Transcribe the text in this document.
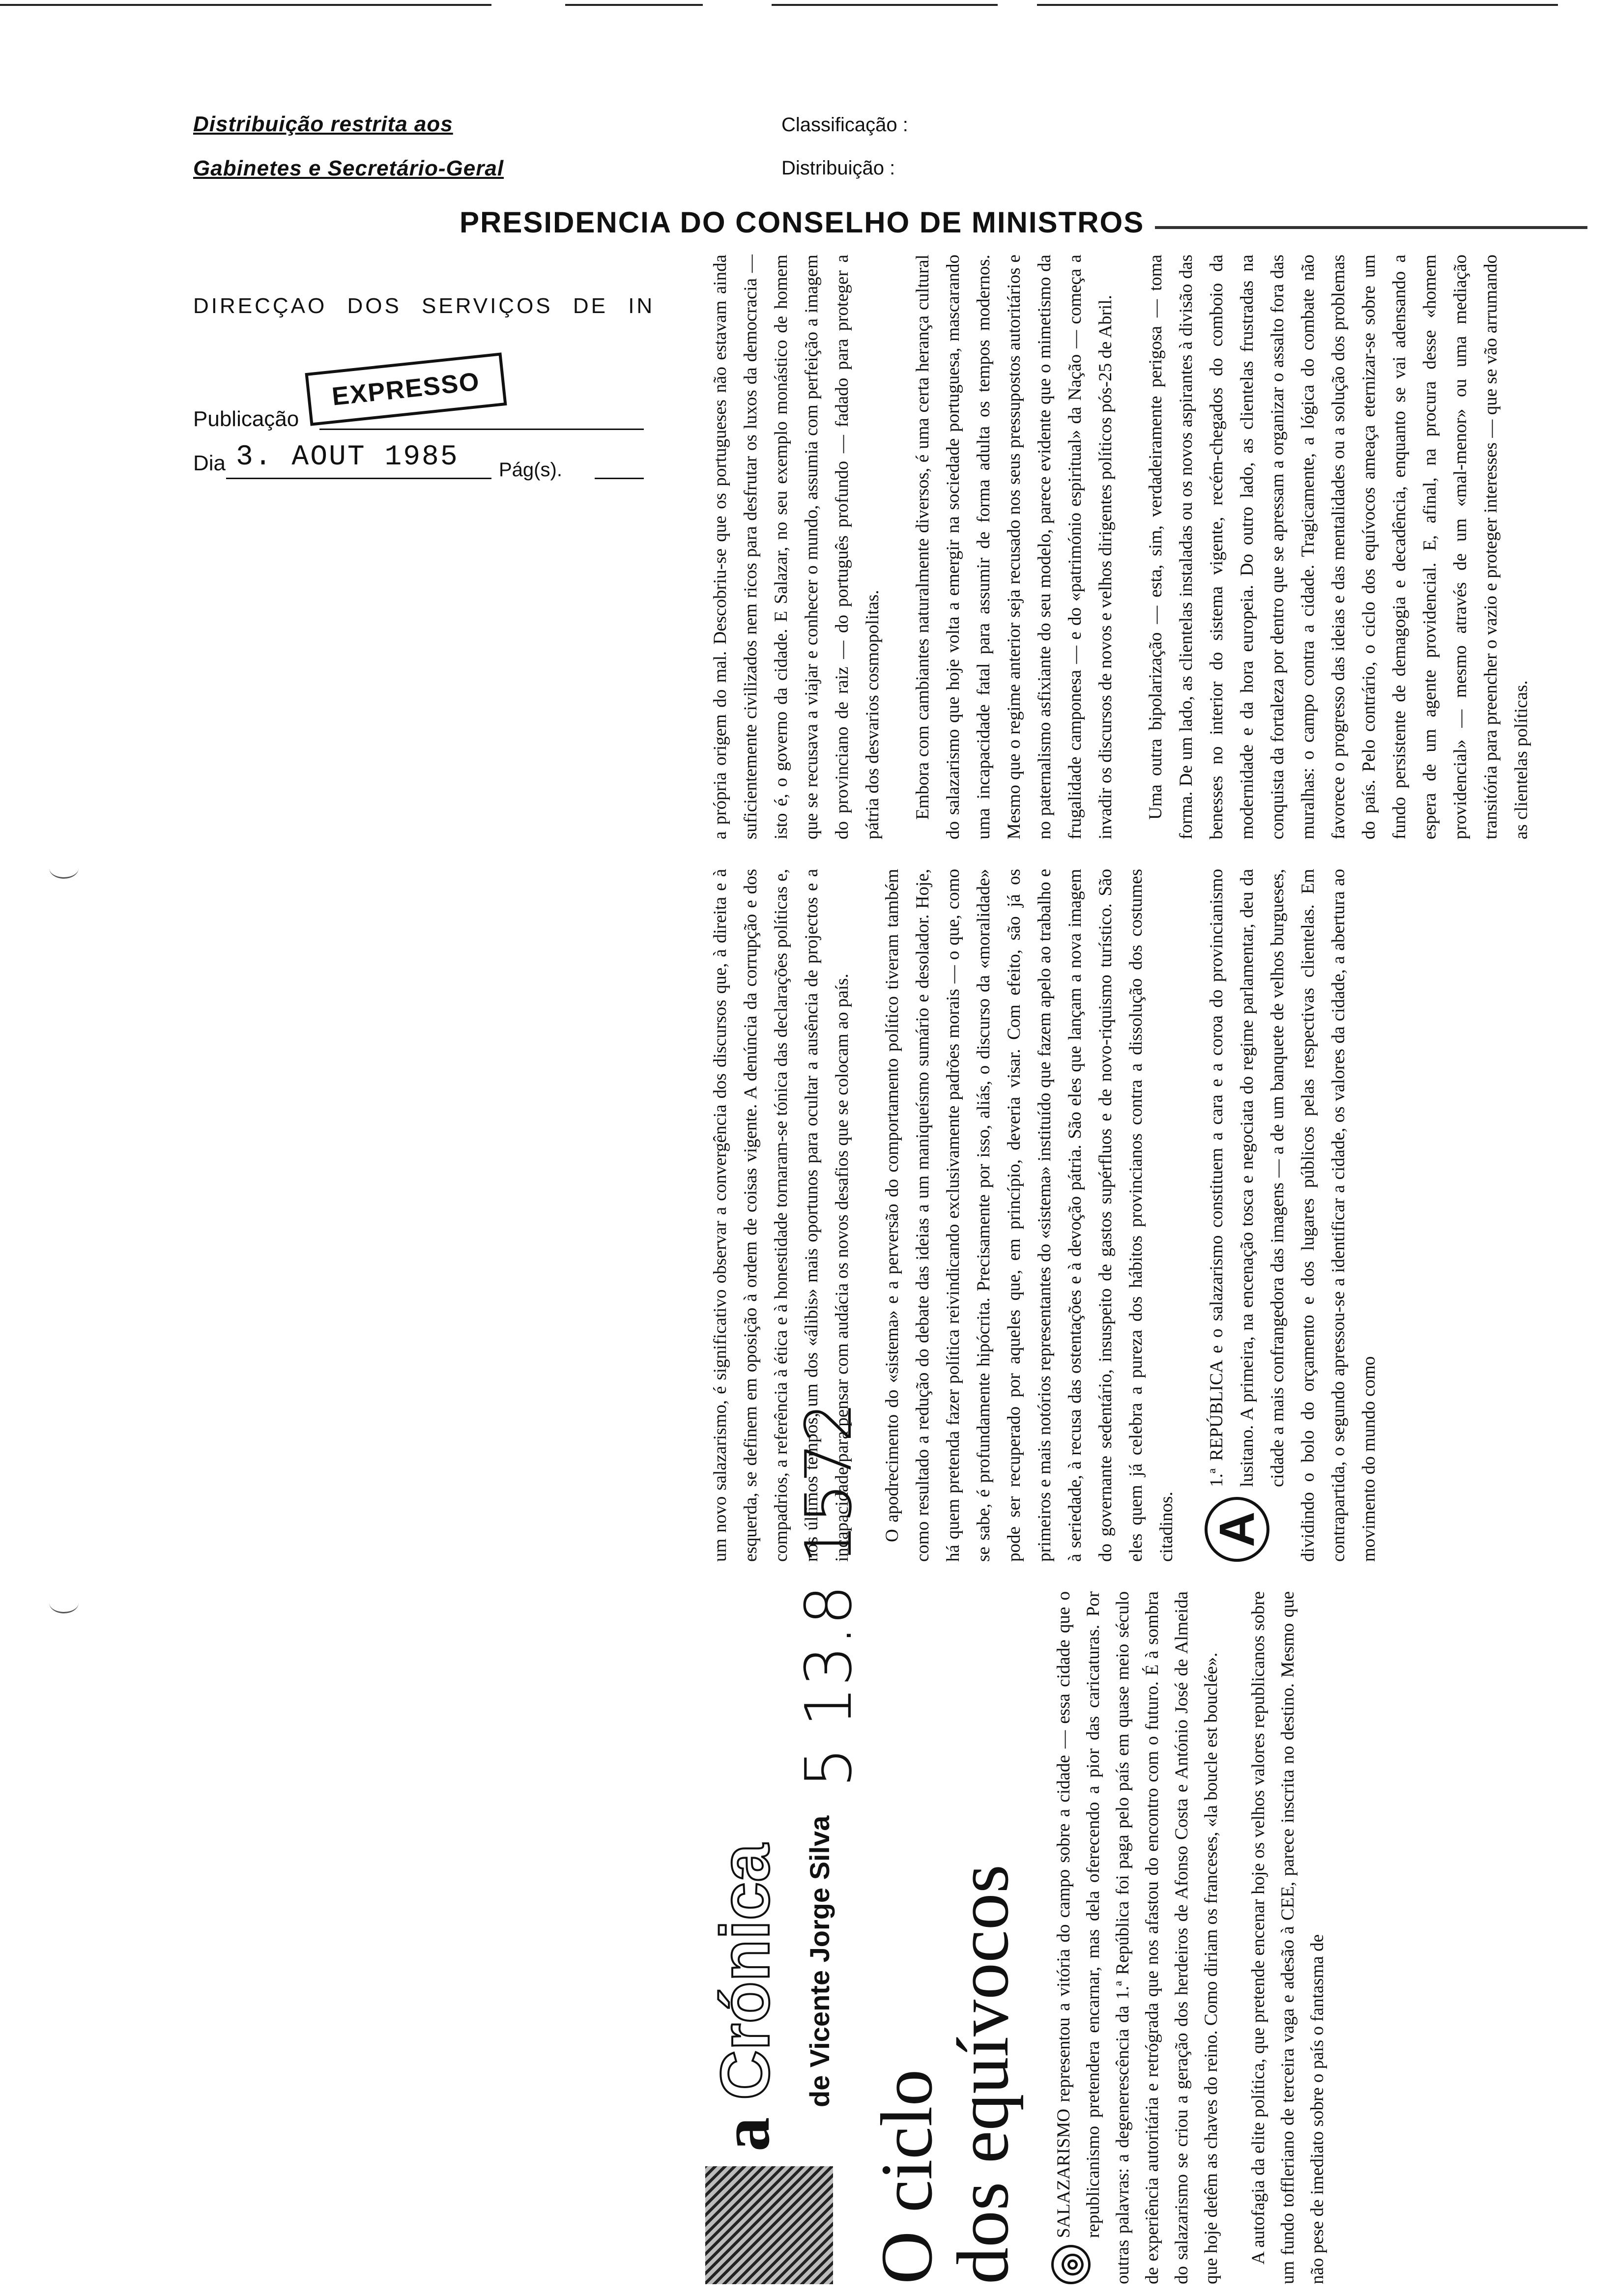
Distribuição restrita aos
Gabinetes e Secretário-Geral
Classificação :
Distribuição :
PRESIDENCIA DO CONSELHO DE MINISTROS
DIRECÇAO DOS SERVIÇOS DE IN
EXPRESSO
Publicação
Dia 3. AOUT 1985 Pág(s).
a Crónica de Vicente Jorge Silva
5 13.8 1572
O ciclo
dos equívocos ◎
SALAZARISMO representou a vitória do campo sobre a cidade — essa cidade que o republicanismo pretendera encarnar, mas dela oferecendo a pior das caricaturas. Por outras palavras: a degenerescência da 1.ª República foi paga pelo país em quase meio século de experiência autoritária e retrógrada que nos afastou do encontro com o futuro. É à sombra do salazarismo se criou a geração dos herdeiros de Afonso Costa e António José de Almeida que hoje detêm as chaves do reino. Como diriam os franceses, «la boucle est bouclée». A autofagia da elite política, que pretende encenar hoje os velhos valores republicanos sobre um fundo toffleriano de terceira vaga e adesão à CEE, parece inscrita no destino. Mesmo que não pese de imediato sobre o país o fantasma de

um novo salazarismo, é significativo observar a convergência dos discursos que, à direita e à esquerda, se definem em oposição à ordem de coisas vigente. A denúncia da corrupção e dos compadrios, a referência à ética e à honestidade tornaram-se tónica das declarações políticas e, nos últimos tempos, um dos «álibis» mais oportunos para ocultar a ausência de projectos e a incapacidade para pensar com audácia os novos desafios que se colocam ao país. O apodrecimento do «sistema» e a perversão do comportamento político tiveram também como resultado a redução do debate das ideias a um maniqueísmo sumário e desolador. Hoje, há quem pretenda fazer política reivindicando exclusivamente padrões morais — o que, como se sabe, é profundamente hipócrita. Precisamente por isso, aliás, o discurso da «moralidade» pode ser recuperado por aqueles que, em princípio, deveria visar. Com efeito, são já os primeiros e mais notórios representantes do «sistema» instituído que fazem apelo ao trabalho e à seriedade, à recusa das ostentações e à devoção pátria. São eles que lançam a nova imagem do governante sedentário, insuspeito de gastos supérfluos e de novo-riquismo turístico. São eles quem já celebra a pureza dos hábitos provincianos contra a dissolução dos costumes citadinos. A
1.ª REPÚBLICA e o salazarismo constituem a cara e a coroa do provincianismo lusitano. A primeira, na encenação tosca e negociata do regime parlamentar, deu da cidade a mais confrangedora das imagens — a de um banquete de velhos burgueses, dividindo o bolo do orçamento e dos lugares públicos pelas respectivas clientelas. Em contrapartida, o segundo apressou-se a identificar a cidade, os valores da cidade, a abertura ao movimento do mundo como

a própria origem do mal. Descobriu-se que os portugueses não estavam ainda suficientemente civilizados nem ricos para desfrutar os luxos da democracia — isto é, o governo da cidade. E Salazar, no seu exemplo monástico de homem que se recusava a viajar e conhecer o mundo, assumia com perfeição a imagem do provinciano de raiz — do português profundo — fadado para proteger a pátria dos desvarios cosmopolitas. Embora com cambiantes naturalmente diversos, é uma certa herança cultural do salazarismo que hoje volta a emergir na sociedade portuguesa, mascarando uma incapacidade fatal para assumir de forma adulta os tempos modernos. Mesmo que o regime anterior seja recusado nos seus pressupostos autoritários e no paternalismo asfixiante do seu modelo, parece evidente que o mimetismo da frugalidade camponesa — e do «património espiritual» da Nação — começa a invadir os discursos de novos e velhos dirigentes políticos pós-25 de Abril. Uma outra bipolarização — esta, sim, verdadeiramente perigosa — toma forma. De um lado, as clientelas instaladas ou os novos aspirantes à divisão das benesses no interior do sistema vigente, recém-chegados do comboio da modernidade e da hora europeia. Do outro lado, as clientelas frustradas na conquista da fortaleza por dentro que se apressam a organizar o assalto fora das muralhas: o campo contra a cidade. Tragicamente, a lógica do combate não favorece o progresso das ideias e das mentalidades ou a solução dos problemas do país. Pelo contrário, o ciclo dos equívocos ameaça eternizar-se sobre um fundo persistente de demagogia e decadência, enquanto se vai adensando a espera de um agente providencial. E, afinal, na procura desse «homem providencial» — mesmo através de um «mal-menor» ou uma mediação transitória para preencher o vazio e proteger interesses — que se vão arrumando as clientelas políticas.
